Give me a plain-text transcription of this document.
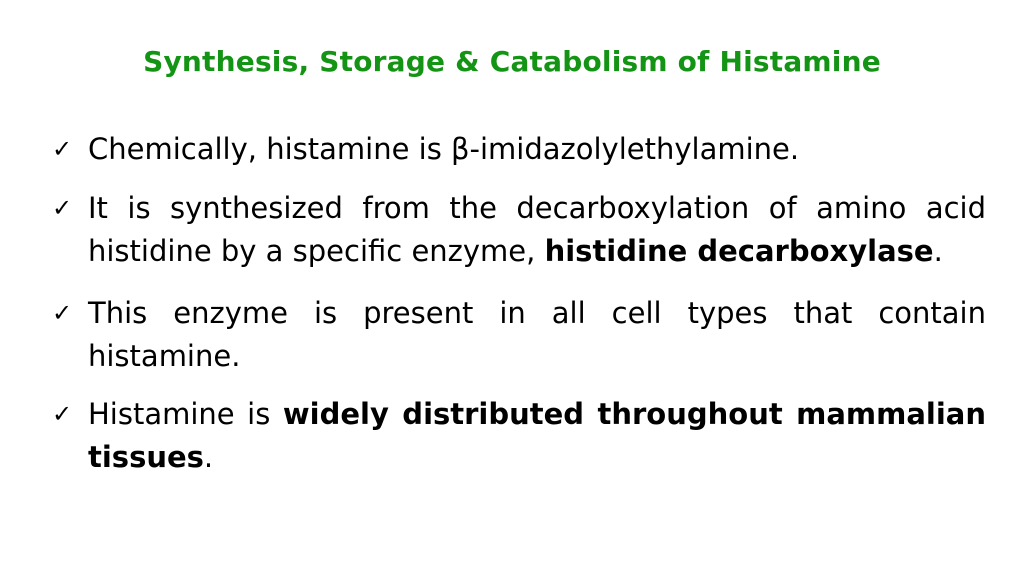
Synthesis, Storage & Catabolism of Histamine
✓ Chemically, histamine is β-imidazolylethylamine.
✓ It is synthesized from the decarboxylation of amino acid histidine by a specific enzyme, histidine decarboxylase.
✓ This enzyme is present in all cell types that contain histamine.
✓ Histamine is widely distributed throughout mammalian tissues.
